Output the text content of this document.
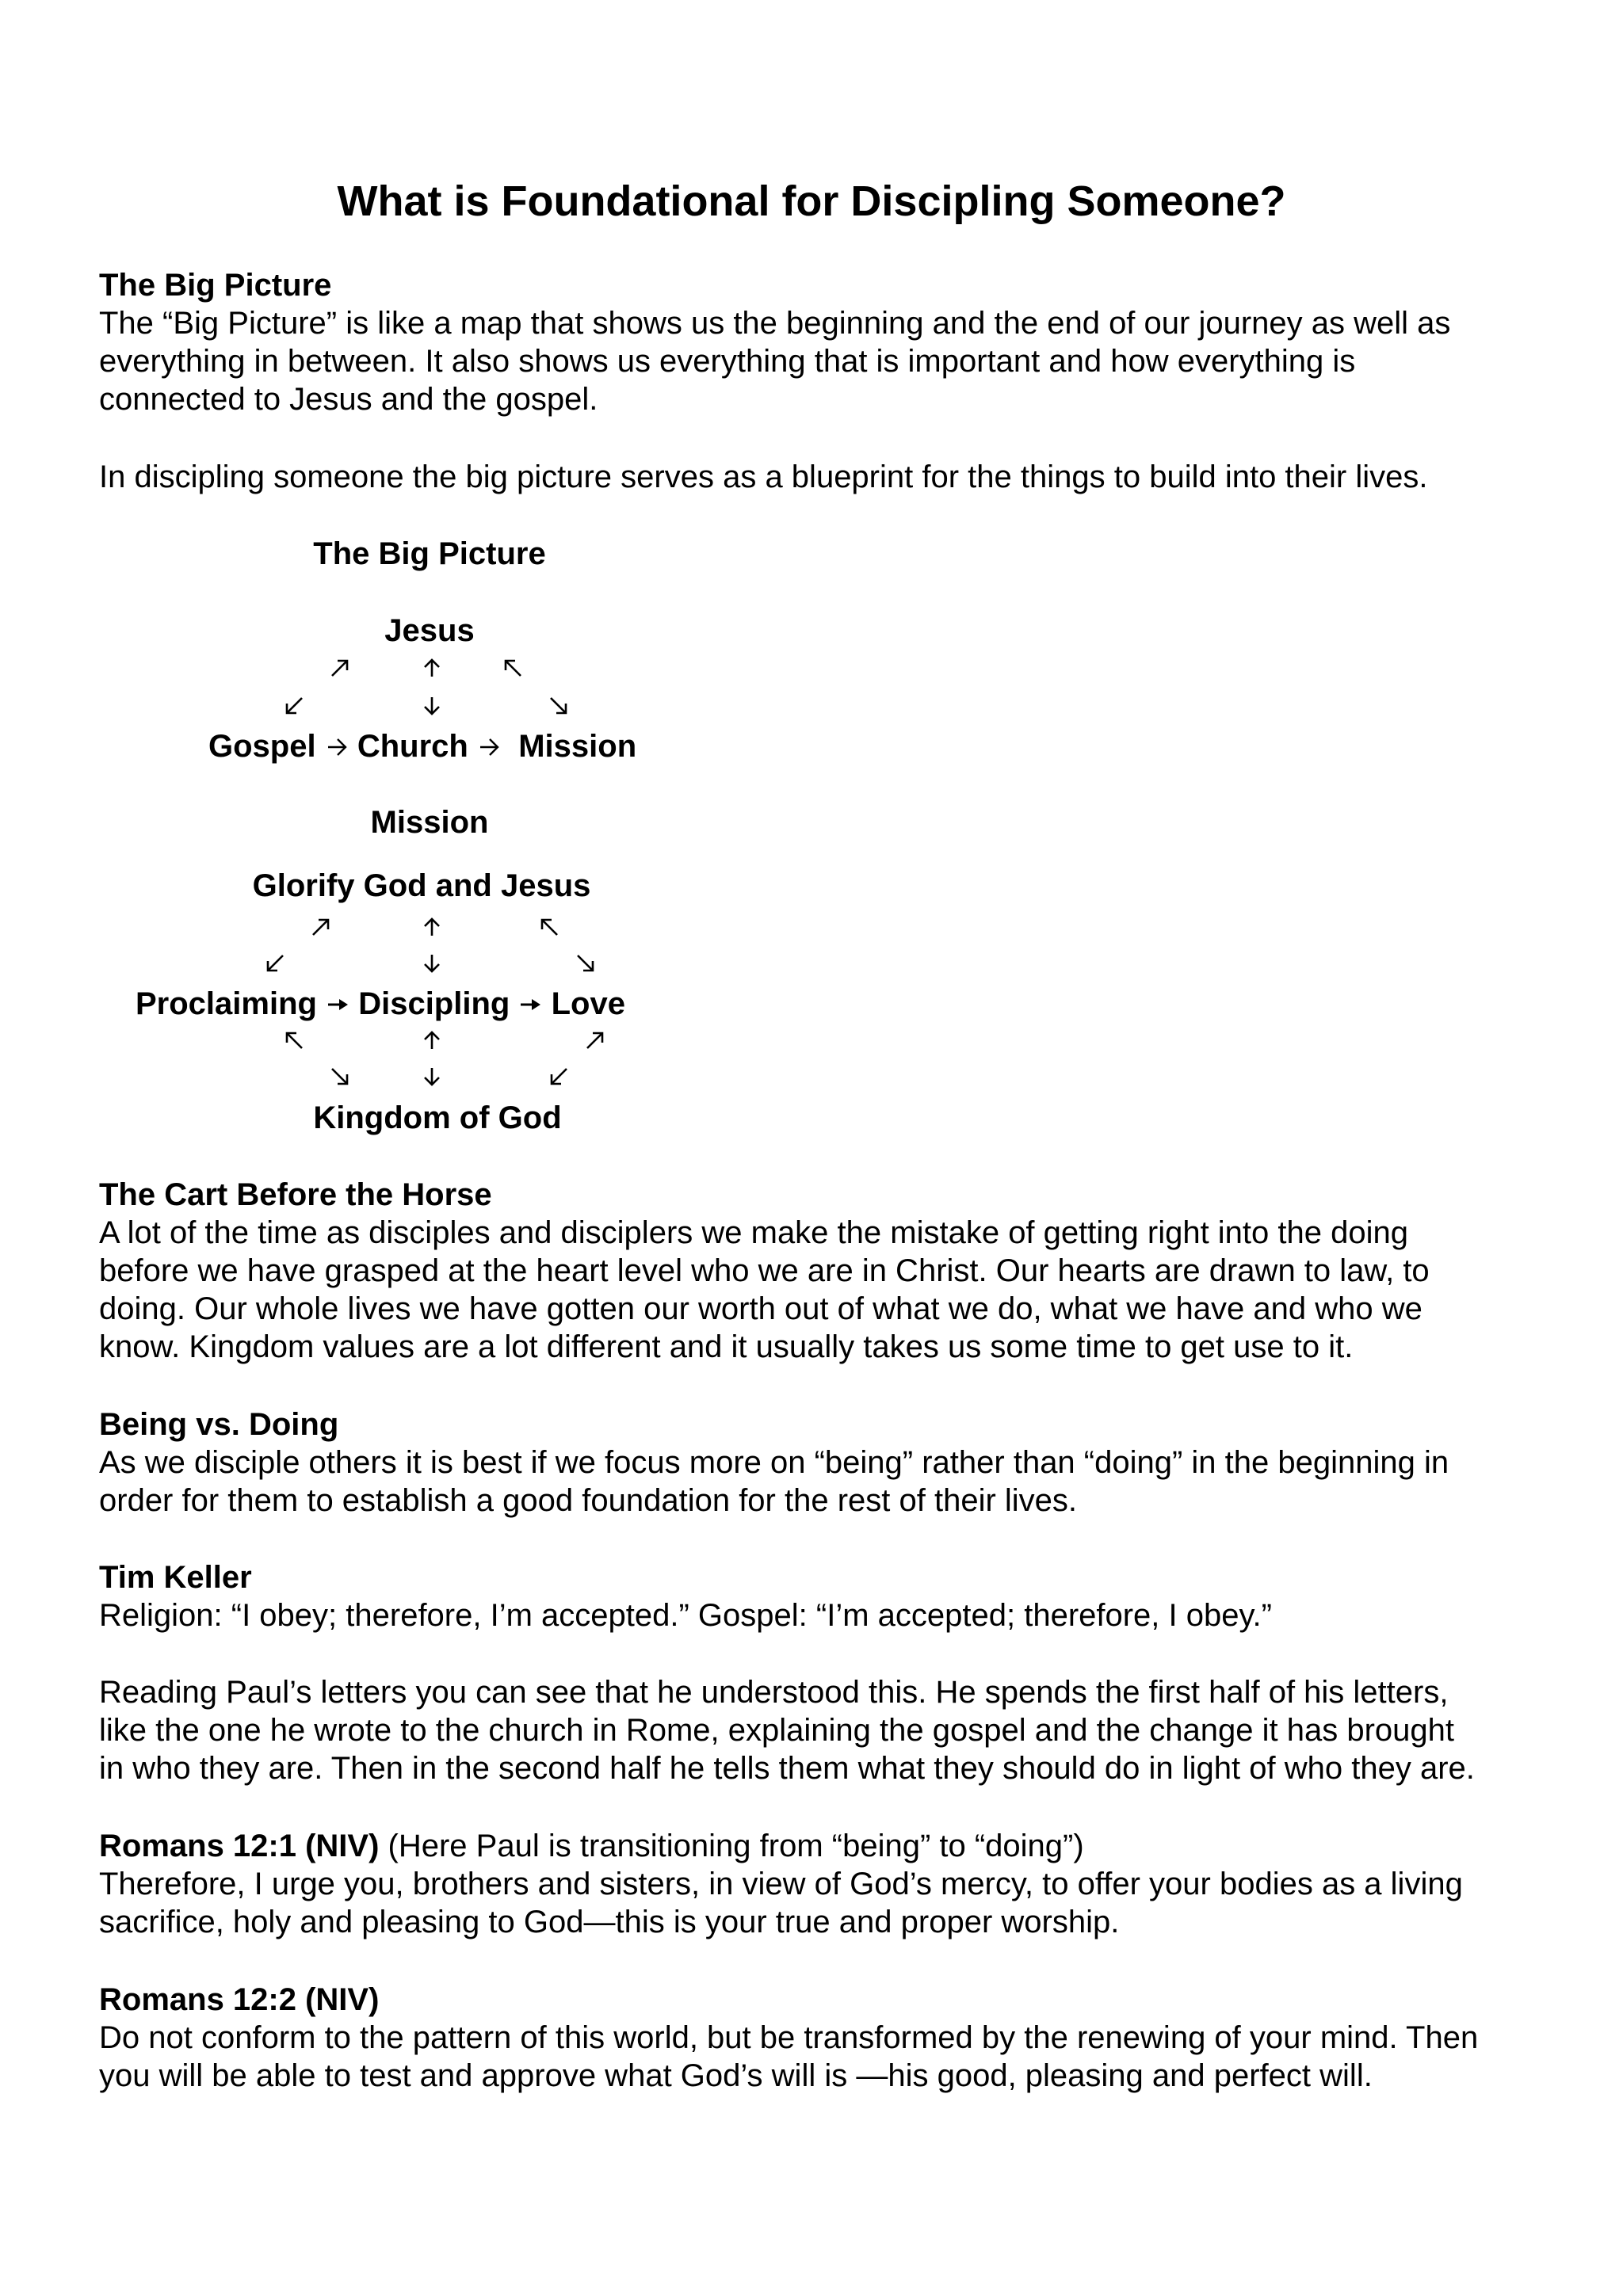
What is Foundational for Discipling Someone?
The Big Picture
The “Big Picture” is like a map that shows us the beginning and the end of our journey as well as
everything in between. It also shows us everything that is important and how everything is
connected to Jesus and the gospel.
In discipling someone the big picture serves as a blueprint for the things to build into their lives.
The Big Picture
Jesus
Gospel Church Mission
Mission
Glorify God and Jesus
Proclaiming Discipling Love
Kingdom of God
The Cart Before the Horse
A lot of the time as disciples and disciplers we make the mistake of getting right into the doing
before we have grasped at the heart level who we are in Christ. Our hearts are drawn to law, to
doing. Our whole lives we have gotten our worth out of what we do, what we have and who we
know. Kingdom values are a lot different and it usually takes us some time to get use to it.
Being vs. Doing
As we disciple others it is best if we focus more on “being” rather than “doing” in the beginning in
order for them to establish a good foundation for the rest of their lives.
Tim Keller
Religion: “I obey; therefore, I’m accepted.” Gospel: “I’m accepted; therefore, I obey.”
Reading Paul’s letters you can see that he understood this. He spends the first half of his letters,
like the one he wrote to the church in Rome, explaining the gospel and the change it has brought
in who they are. Then in the second half he tells them what they should do in light of who they are.
Romans 12:1 (NIV) (Here Paul is transitioning from “being” to “doing”)
Therefore, I urge you, brothers and sisters, in view of God’s mercy, to offer your bodies as a living
sacrifice, holy and pleasing to God—this is your true and proper worship.
Romans 12:2 (NIV)
Do not conform to the pattern of this world, but be transformed by the renewing of your mind. Then
you will be able to test and approve what God’s will is —his good, pleasing and perfect will.
